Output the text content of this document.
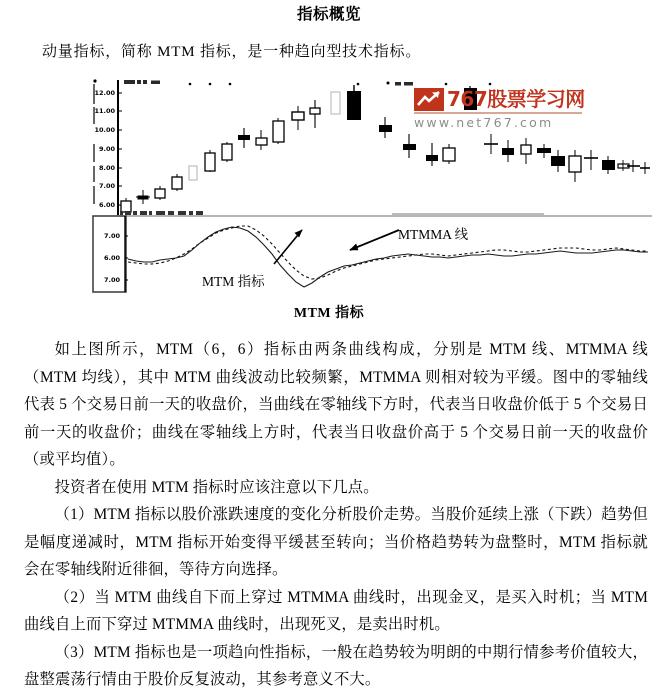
指标概览
动量指标，简称 MTM 指标，是一种趋向型技术指标。
12.00
11.00
10.00
9.00
8.00
7.00
6.00
7.00
6.00
7.00
767股票学习网
www.net767.com
MTMMA 线
MTM 指标
MTM 指标

如上图所示，MTM（6，6）指标由两条曲线构成，分别是 MTM 线、MTMMA 线（MTM 均线），其中 MTM 曲线波动比较频繁，MTMMA 则相对较为平缓。图中的零轴线代表 5 个交易日前一天的收盘价，当曲线在零轴线下方时，代表当日收盘价低于 5 个交易日前一天的收盘价；曲线在零轴线上方时，代表当日收盘价高于 5 个交易日前一天的收盘价（或平均值）。

投资者在使用 MTM 指标时应该注意以下几点。

（1）MTM 指标以股价涨跌速度的变化分析股价走势。当股价延续上涨（下跌）趋势但是幅度递减时，MTM 指标开始变得平缓甚至转向；当价格趋势转为盘整时，MTM 指标就会在零轴线附近徘徊，等待方向选择。

（2）当 MTM 曲线自下而上穿过 MTMMA 曲线时，出现金叉，是买入时机；当 MTM 曲线自上而下穿过 MTMMA 曲线时，出现死叉，是卖出时机。

（3）MTM 指标也是一项趋向性指标，一般在趋势较为明朗的中期行情参考价值较大，盘整震荡行情由于股价反复波动，其参考意义不大。
